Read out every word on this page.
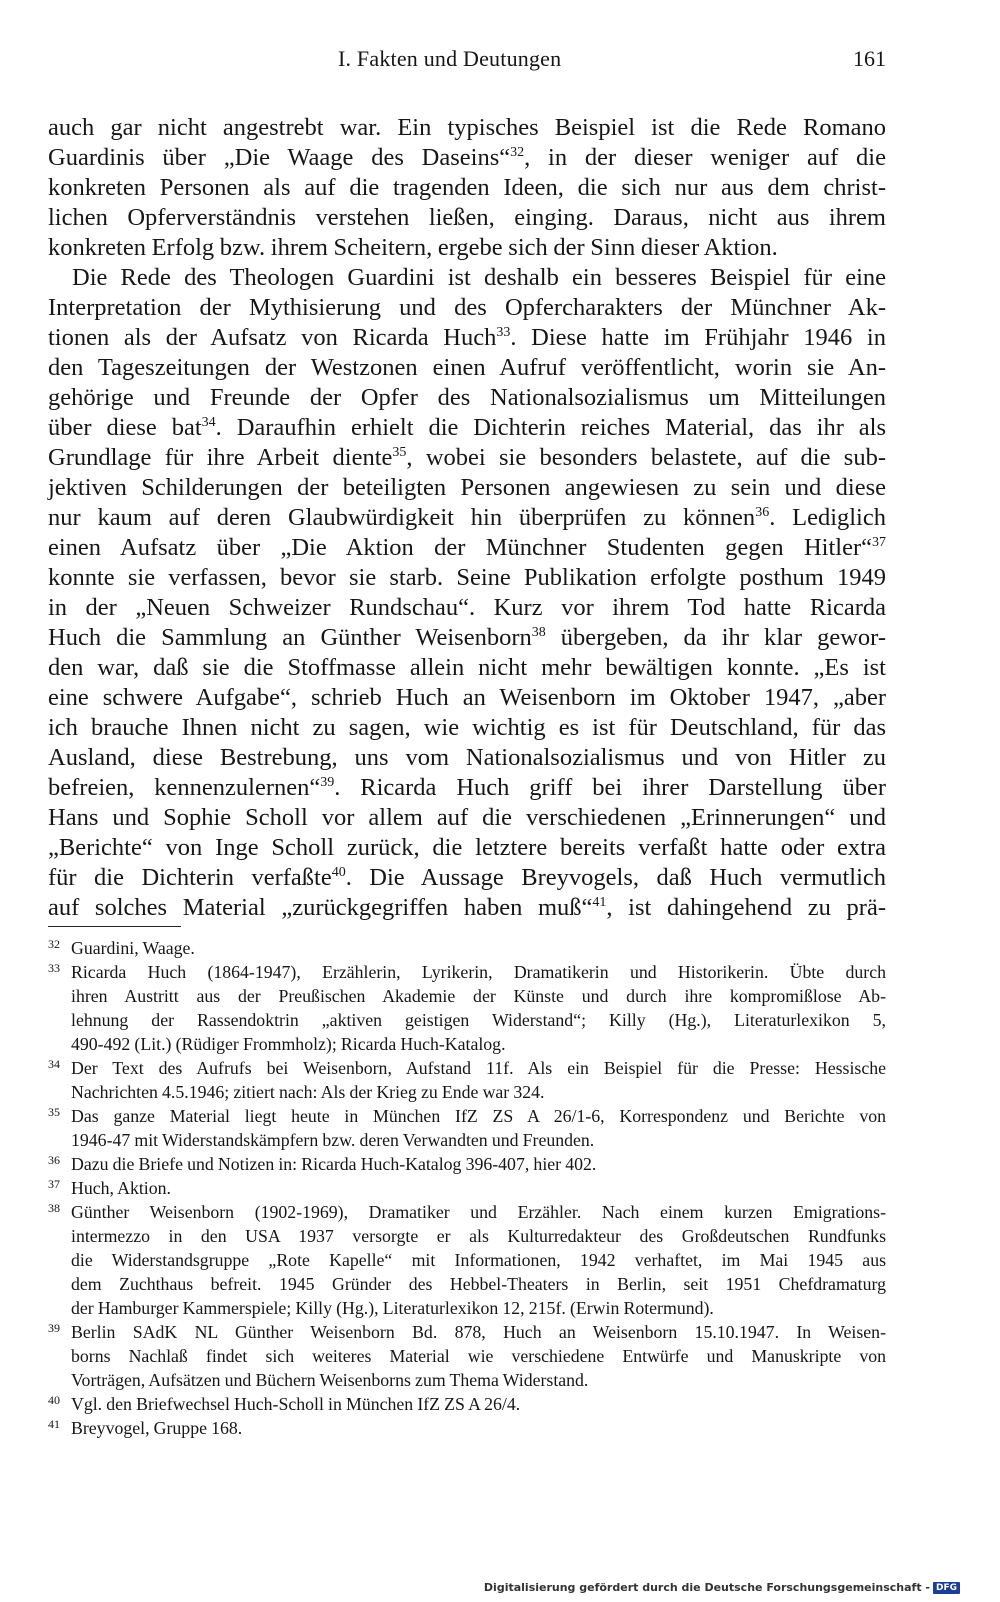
I. Fakten und Deutungen	161
auch gar nicht angestrebt war. Ein typisches Beispiel ist die Rede Romano
Guardinis über „Die Waage des Daseins“$^{32}$, in der dieser weniger auf die
konkreten Personen als auf die tragenden Ideen, die sich nur aus dem christ-
lichen Opferverständnis verstehen ließen, einging. Daraus, nicht aus ihrem
konkreten Erfolg bzw. ihrem Scheitern, ergebe sich der Sinn dieser Aktion.
Die Rede des Theologen Guardini ist deshalb ein besseres Beispiel für eine
Interpretation der Mythisierung und des Opfercharakters der Münchner Ak-
tionen als der Aufsatz von Ricarda Huch$^{33}$. Diese hatte im Frühjahr 1946 in
den Tageszeitungen der Westzonen einen Aufruf veröffentlicht, worin sie An-
gehörige und Freunde der Opfer des Nationalsozialismus um Mitteilungen
über diese bat$^{34}$. Daraufhin erhielt die Dichterin reiches Material, das ihr als
Grundlage für ihre Arbeit diente$^{35}$, wobei sie besonders belastete, auf die sub-
jektiven Schilderungen der beteiligten Personen angewiesen zu sein und diese
nur kaum auf deren Glaubwürdigkeit hin überprüfen zu können$^{36}$. Lediglich
einen Aufsatz über „Die Aktion der Münchner Studenten gegen Hitler“$^{37}$
konnte sie verfassen, bevor sie starb. Seine Publikation erfolgte posthum 1949
in der „Neuen Schweizer Rundschau“. Kurz vor ihrem Tod hatte Ricarda
Huch die Sammlung an Günther Weisenborn$^{38}$ übergeben, da ihr klar gewor-
den war, daß sie die Stoffmasse allein nicht mehr bewältigen konnte. „Es ist
eine schwere Aufgabe“, schrieb Huch an Weisenborn im Oktober 1947, „aber
ich brauche Ihnen nicht zu sagen, wie wichtig es ist für Deutschland, für das
Ausland, diese Bestrebung, uns vom Nationalsozialismus und von Hitler zu
befreien, kennenzulernen“$^{39}$. Ricarda Huch griff bei ihrer Darstellung über
Hans und Sophie Scholl vor allem auf die verschiedenen „Erinnerungen“ und
„Berichte“ von Inge Scholl zurück, die letztere bereits verfaßt hatte oder extra
für die Dichterin verfaßte$^{40}$. Die Aussage Breyvogels, daß Huch vermutlich
auf solches Material „zurückgegriffen haben muß“$^{41}$, ist dahingehend zu prä-
32 Guardini, Waage.
33 Ricarda Huch (1864-1947), Erzählerin, Lyrikerin, Dramatikerin und Historikerin. Übte durch
ihren Austritt aus der Preußischen Akademie der Künste und durch ihre kompromißlose Ab-
lehnung der Rassendoktrin „aktiven geistigen Widerstand“; Killy (Hg.), Literaturlexikon 5,
490-492 (Lit.) (Rüdiger Frommholz); Ricarda Huch-Katalog.
34 Der Text des Aufrufs bei Weisenborn, Aufstand 11f. Als ein Beispiel für die Presse: Hessische
Nachrichten 4.5.1946; zitiert nach: Als der Krieg zu Ende war 324.
35 Das ganze Material liegt heute in München IfZ ZS A 26/1-6, Korrespondenz und Berichte von
1946-47 mit Widerstandskämpfern bzw. deren Verwandten und Freunden.
36 Dazu die Briefe und Notizen in: Ricarda Huch-Katalog 396-407, hier 402.
37 Huch, Aktion.
38 Günther Weisenborn (1902-1969), Dramatiker und Erzähler. Nach einem kurzen Emigrations-
intermezzo in den USA 1937 versorgte er als Kulturredakteur des Großdeutschen Rundfunks
die Widerstandsgruppe „Rote Kapelle“ mit Informationen, 1942 verhaftet, im Mai 1945 aus
dem Zuchthaus befreit. 1945 Gründer des Hebbel-Theaters in Berlin, seit 1951 Chefdramaturg
der Hamburger Kammerspiele; Killy (Hg.), Literaturlexikon 12, 215f. (Erwin Rotermund).
39 Berlin SAdK NL Günther Weisenborn Bd. 878, Huch an Weisenborn 15.10.1947. In Weisen-
borns Nachlaß findet sich weiteres Material wie verschiedene Entwürfe und Manuskripte von
Vorträgen, Aufsätzen und Büchern Weisenborns zum Thema Widerstand.
40 Vgl. den Briefwechsel Huch-Scholl in München IfZ ZS A 26/4.
41 Breyvogel, Gruppe 168.
Digitalisierung gefördert durch die Deutsche Forschungsgemeinschaft - DFG
